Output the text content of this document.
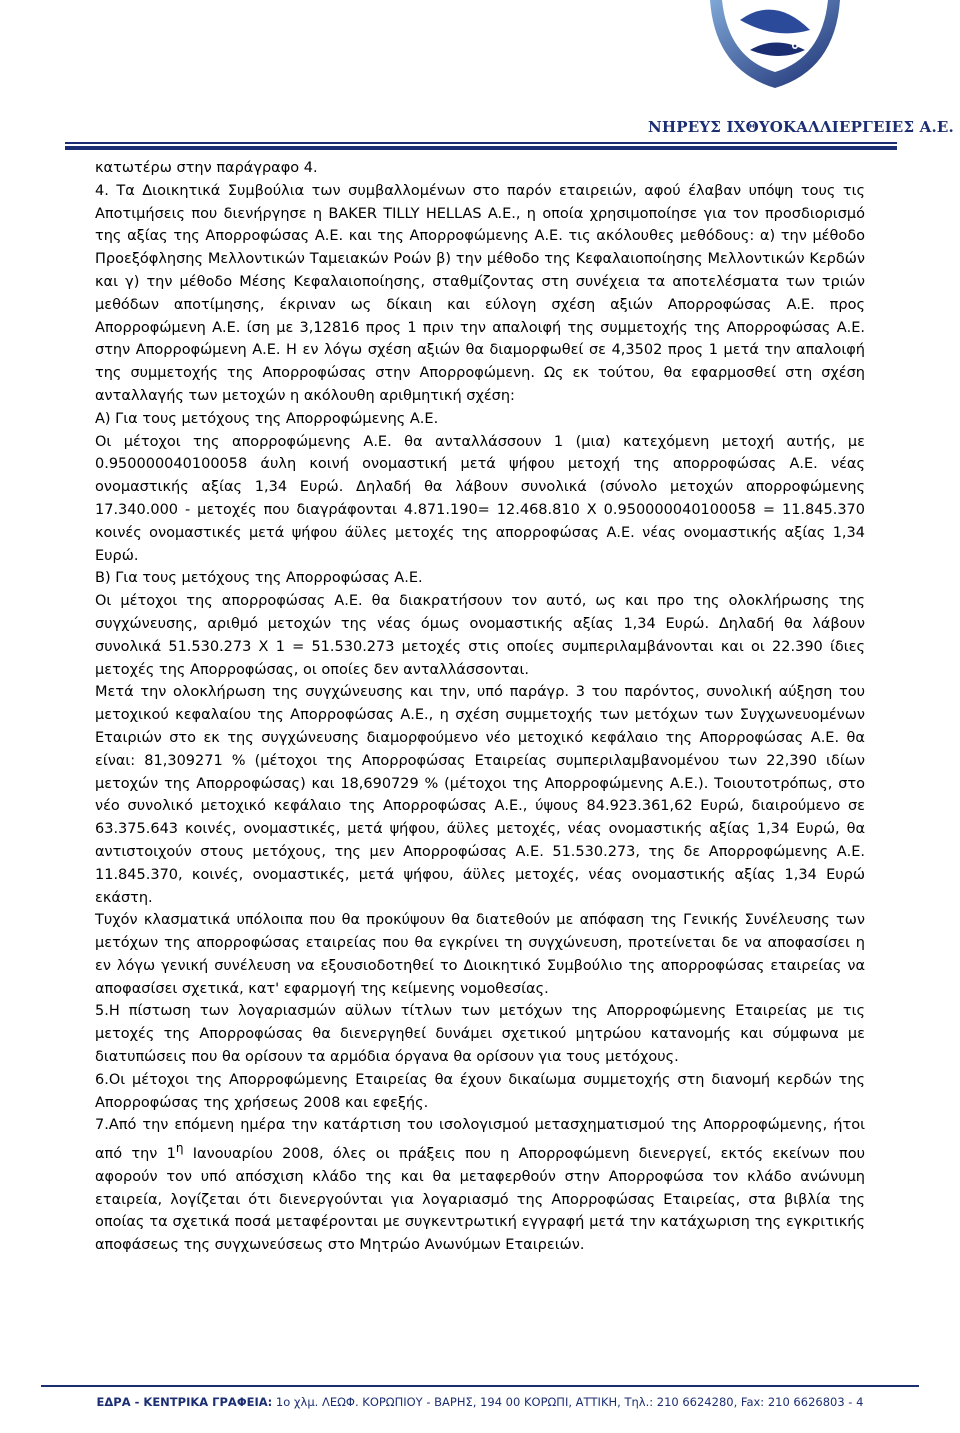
ΝΗΡΕΥΣ ΙΧΘΥΟΚΑΛΛΙΕΡΓΕΙΕΣ Α.Ε.

κατωτέρω στην παράγραφο 4.

4. Τα Διοικητικά Συμβούλια των συμβαλλομένων στο παρόν εταιρειών, αφού έλαβαν υπόψη τους τις Αποτιμήσεις που διενήργησε η BAKER TILLY HELLAS A.E., η οποία χρησιμοποίησε για τον προσδιορισμό της αξίας της Απορροφώσας Α.Ε. και της Απορροφώμενης Α.Ε. τις ακόλουθες μεθόδους: α) την μέθοδο Προεξόφλησης Μελλοντικών Ταμειακών Ροών β) την μέθοδο της Κεφαλαιοποίησης Μελλοντικών Κερδών και γ) την μέθοδο Μέσης Κεφαλαιοποίησης, σταθμίζοντας στη συνέχεια τα αποτελέσματα των τριών μεθόδων αποτίμησης, έκριναν ως δίκαιη και εύλογη σχέση αξιών Απορροφώσας Α.Ε. προς Απορροφώμενη Α.Ε. ίση με 3,12816 προς 1 πριν την απαλοιφή της συμμετοχής της Απορροφώσας Α.Ε. στην Απορροφώμενη Α.Ε. Η εν λόγω σχέση αξιών θα διαμορφωθεί σε 4,3502 προς 1 μετά την απαλοιφή της συμμετοχής της Απορροφώσας στην Απορροφώμενη. Ως εκ τούτου, θα εφαρμοσθεί στη σχέση ανταλλαγής των μετοχών η ακόλουθη αριθμητική σχέση:

Α) Για τους μετόχους της Απορροφώμενης Α.Ε.

Οι μέτοχοι της απορροφώμενης Α.Ε. θα ανταλλάσσουν 1 (μια) κατεχόμενη μετοχή αυτής, με 0.95000004010005​8 άυλη κοινή ονομαστική μετά ψήφου μετοχή της απορροφώσας Α.Ε. νέας ονομαστικής αξίας 1,34 Ευρώ. Δηλαδή θα λάβουν συνολικά (σύνολο μετοχών απορροφώμενης 17.340.000 - μετοχές που διαγράφονται 4.871.190= 12.468.810 Χ 0.95000004010005​8 = 11.845.370 κοινές ονομαστικές μετά ψήφου άϋλες μετοχές της απορροφώσας Α.Ε. νέας ονομαστικής αξίας 1,34 Ευρώ.

Β) Για τους μετόχους της Απορροφώσας Α.Ε.

Οι μέτοχοι της απορροφώσας Α.Ε. θα διακρατήσουν τον αυτό, ως και προ της ολοκλήρωσης της συγχώνευσης, αριθμό μετοχών της νέας όμως ονομαστικής αξίας 1,34 Ευρώ. Δηλαδή θα λάβουν συνολικά 51.530.273 Χ 1 = 51.530.273 μετοχές στις οποίες συμπεριλαμβάνονται και οι 22.390 ίδιες μετοχές της Απορροφώσας, οι οποίες δεν ανταλλάσσονται.

Μετά την ολοκλήρωση της συγχώνευσης και την, υπό παράγρ. 3 του παρόντος, συνολική αύξηση του μετοχικού κεφαλαίου της Απορροφώσας Α.Ε., η σχέση συμμετοχής των μετόχων των Συγχωνευομένων Εταιριών στο εκ της συγχώνευσης διαμορφούμενο νέο μετοχικό κεφάλαιο της Απορροφώσας Α.Ε. θα είναι: 81,309271 % (μέτοχοι της Απορροφώσας Εταιρείας συμπεριλαμβανομένου των 22,390 ιδίων μετοχών της Απορροφώσας) και 18,690729 % (μέτοχοι της Απορροφώμενης Α.Ε.). Τοιουτοτρόπως, στο νέο συνολικό μετοχικό κεφάλαιο της Απορροφώσας Α.Ε., ύψους 84.923.361,62 Ευρώ, διαιρούμενο σε 63.375.643 κοινές, ονομαστικές, μετά ψήφου, άϋλες μετοχές, νέας ονομαστικής αξίας 1,34 Ευρώ, θα αντιστοιχούν στους μετόχους, της μεν Απορροφώσας Α.Ε. 51.530.273, της δε Απορροφώμενης Α.Ε. 11.845.370, κοινές, ονομαστικές, μετά ψήφου, άϋλες μετοχές, νέας ονομαστικής αξίας 1,34 Ευρώ εκάστη.

Τυχόν κλασματικά υπόλοιπα που θα προκύψουν θα διατεθούν με απόφαση της Γενικής Συνέλευσης των μετόχων της απορροφώσας εταιρείας που θα εγκρίνει τη συγχώνευση, προτείνεται δε να αποφασίσει η εν λόγω γενική συνέλευση να εξουσιοδοτηθεί το Διοικητικό Συμβούλιο της απορροφώσας εταιρείας να αποφασίσει σχετικά, κατ' εφαρμογή της κείμενης νομοθεσίας.

5.Η πίστωση των λογαριασμών αϋλων τίτλων των μετόχων της Απορροφώμενης Εταιρείας με τις μετοχές της Απορροφώσας θα διενεργηθεί δυνάμει σχετικού μητρώου κατανομής και σύμφωνα με διατυπώσεις που θα ορίσουν τα αρμόδια όργανα θα ορίσουν για τους μετόχους.

6.Οι μέτοχοι της Απορροφώμενης Εταιρείας θα έχουν δικαίωμα συμμετοχής στη διανομή κερδών της Απορροφώσας της χρήσεως 2008 και εφεξής.

7.Από την επόμενη ημέρα την κατάρτιση του ισολογισμού μετασχηματισμού της Απορροφώμενης, ήτοι από την $1^\eta$ Ιανουαρίου 2008, όλες οι πράξεις που η Απορροφώμενη διενεργεί, εκτός εκείνων που αφορούν τον υπό απόσχιση κλάδο της και θα μεταφερθούν στην Απορροφώσα τον κλάδο ανώνυμη εταιρεία, λογίζεται ότι διενεργούνται για λογαριασμό της Απορροφώσας Εταιρείας, στα βιβλία της οποίας τα σχετικά ποσά μεταφέρονται με συγκεντρωτική εγγραφή μετά την κατάχωριση της εγκριτικής αποφάσεως της συγχωνεύσεως στο Μητρώο Ανωνύμων Εταιρειών.

ΕΔΡΑ - ΚΕΝΤΡΙΚΑ ΓΡΑΦΕΙΑ: 1ο χλμ. ΛΕΩΦ. ΚΟΡΩΠΙΟΥ - ΒΑΡΗΣ, 194 00 ΚΟΡΩΠΙ, ΑΤΤΙΚΗ, Τηλ.: 210 6624280, Fax: 210 6626803 - 4
